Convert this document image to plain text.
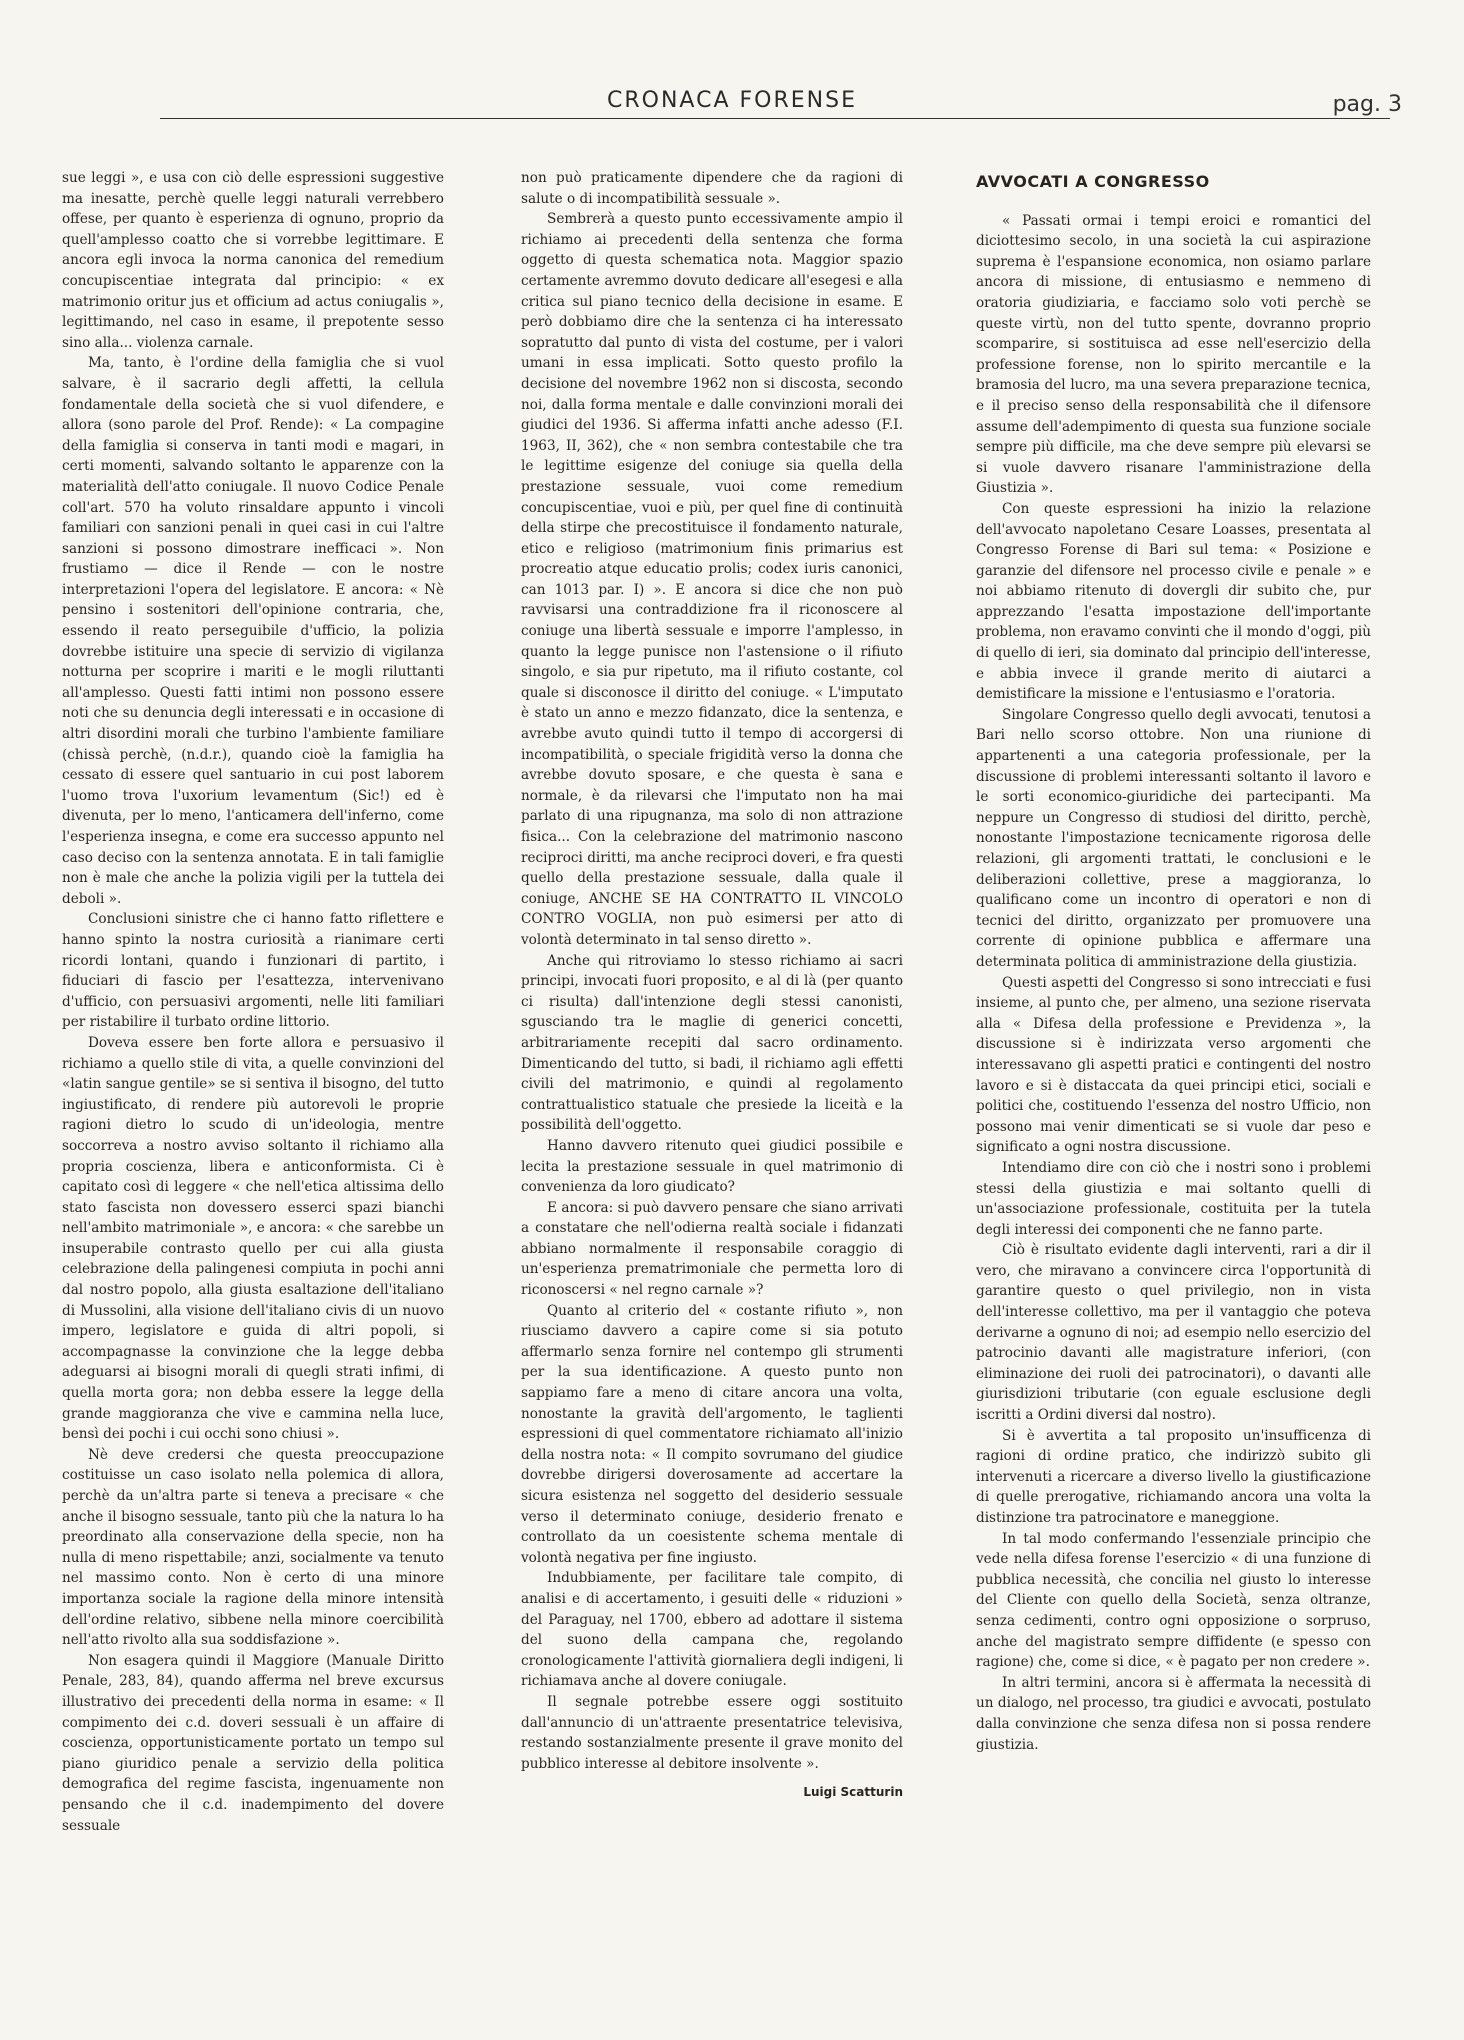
CRONACA FORENSE	pag. 3

sue leggi », e usa con ciò delle espressioni suggestive ma inesatte, perchè quelle leggi naturali verrebbero offese, per quanto è esperienza di ognuno, proprio da quell'amplesso coatto che si vorrebbe legittimare. E ancora egli invoca la norma canonica del remedium concupiscentiae integrata dal principio: « ex matrimonio oritur jus et officium ad actus coniugalis », legittimando, nel caso in esame, il prepotente sesso sino alla... violenza carnale.

Ma, tanto, è l'ordine della famiglia che si vuol salvare, è il sacrario degli affetti, la cellula fondamentale della società che si vuol difendere, e allora (sono parole del Prof. Rende): « La compagine della famiglia si conserva in tanti modi e magari, in certi momenti, salvando soltanto le apparenze con la materialità dell'atto coniugale. Il nuovo Codice Penale coll'art. 570 ha voluto rinsaldare appunto i vincoli familiari con sanzioni penali in quei casi in cui l'altre sanzioni si possono dimostrare inefficaci ». Non frustiamo — dice il Rende — con le nostre interpretazioni l'opera del legislatore. E ancora: « Nè pensino i sostenitori dell'opinione contraria, che, essendo il reato perseguibile d'ufficio, la polizia dovrebbe istituire una specie di servizio di vigilanza notturna per scoprire i mariti e le mogli riluttanti all'amplesso. Questi fatti intimi non possono essere noti che su denuncia degli interessati e in occasione di altri disordini morali che turbino l'ambiente familiare (chissà perchè, (n.d.r.), quando cioè la famiglia ha cessato di essere quel santuario in cui post laborem l'uomo trova l'uxorium levamentum (Sic!) ed è divenuta, per lo meno, l'anticamera dell'inferno, come l'esperienza insegna, e come era successo appunto nel caso deciso con la sentenza annotata. E in tali famiglie non è male che anche la polizia vigili per la tuttela dei deboli ».

Conclusioni sinistre che ci hanno fatto riflettere e hanno spinto la nostra curiosità a rianimare certi ricordi lontani, quando i funzionari di partito, i fiduciari di fascio per l'esattezza, intervenivano d'ufficio, con persuasivi argomenti, nelle liti familiari per ristabilire il turbato ordine littorio.

Doveva essere ben forte allora e persuasivo il richiamo a quello stile di vita, a quelle convinzioni del «latin sangue gentile» se si sentiva il bisogno, del tutto ingiustificato, di rendere più autorevoli le proprie ragioni dietro lo scudo di un'ideologia, mentre soccorreva a nostro avviso soltanto il richiamo alla propria coscienza, libera e anticonformista. Ci è capitato così di leggere « che nell'etica altissima dello stato fascista non dovessero esserci spazi bianchi nell'ambito matrimoniale », e ancora: « che sarebbe un insuperabile contrasto quello per cui alla giusta celebrazione della palingenesi compiuta in pochi anni dal nostro popolo, alla giusta esaltazione dell'italiano di Mussolini, alla visione dell'italiano civis di un nuovo impero, legislatore e guida di altri popoli, si accompagnasse la convinzione che la legge debba adeguarsi ai bisogni morali di quegli strati infimi, di quella morta gora; non debba essere la legge della grande maggioranza che vive e cammina nella luce, bensì dei pochi i cui occhi sono chiusi ».

Nè deve credersi che questa preoccupazione costituisse un caso isolato nella polemica di allora, perchè da un'altra parte si teneva a precisare « che anche il bisogno sessuale, tanto più che la natura lo ha preordinato alla conservazione della specie, non ha nulla di meno rispettabile; anzi, socialmente va tenuto nel massimo conto. Non è certo di una minore importanza sociale la ragione della minore intensità dell'ordine relativo, sibbene nella minore coercibilità nell'atto rivolto alla sua soddisfazione ».

Non esagera quindi il Maggiore (Manuale Diritto Penale, 283, 84), quando afferma nel breve excursus illustrativo dei precedenti della norma in esame: « Il compimento dei c.d. doveri sessuali è un affaire di coscienza, opportunisticamente portato un tempo sul piano giuridico penale a servizio della politica demografica del regime fascista, ingenuamente non pensando che il c.d. inadempimento del dovere sessuale

non può praticamente dipendere che da ragioni di salute o di incompatibilità sessuale ».

Sembrerà a questo punto eccessivamente ampio il richiamo ai precedenti della sentenza che forma oggetto di questa schematica nota. Maggior spazio certamente avremmo dovuto dedicare all'esegesi e alla critica sul piano tecnico della decisione in esame. E però dobbiamo dire che la sentenza ci ha interessato sopratutto dal punto di vista del costume, per i valori umani in essa implicati. Sotto questo profilo la decisione del novembre 1962 non si discosta, secondo noi, dalla forma mentale e dalle convinzioni morali dei giudici del 1936. Si afferma infatti anche adesso (F.I. 1963, II, 362), che « non sembra contestabile che tra le legittime esigenze del coniuge sia quella della prestazione sessuale, vuoi come remedium concupiscentiae, vuoi e più, per quel fine di continuità della stirpe che precostituisce il fondamento naturale, etico e religioso (matrimonium finis primarius est procreatio atque educatio prolis; codex iuris canonici, can 1013 par. I) ». E ancora si dice che non può ravvisarsi una contraddizione fra il riconoscere al coniuge una libertà sessuale e imporre l'amplesso, in quanto la legge punisce non l'astensione o il rifiuto singolo, e sia pur ripetuto, ma il rifiuto costante, col quale si disconosce il diritto del coniuge. « L'imputato è stato un anno e mezzo fidanzato, dice la sentenza, e avrebbe avuto quindi tutto il tempo di accorgersi di incompatibilità, o speciale frigidità verso la donna che avrebbe dovuto sposare, e che questa è sana e normale, è da rilevarsi che l'imputato non ha mai parlato di una ripugnanza, ma solo di non attrazione fisica... Con la celebrazione del matrimonio nascono reciproci diritti, ma anche reciproci doveri, e fra questi quello della prestazione sessuale, dalla quale il coniuge, ANCHE SE HA CONTRATTO IL VINCOLO CONTRO VOGLIA, non può esimersi per atto di volontà determinato in tal senso diretto ».

Anche qui ritroviamo lo stesso richiamo ai sacri principi, invocati fuori proposito, e al di là (per quanto ci risulta) dall'intenzione degli stessi canonisti, sgusciando tra le maglie di generici concetti, arbitrariamente recepiti dal sacro ordinamento. Dimenticando del tutto, si badi, il richiamo agli effetti civili del matrimonio, e quindi al regolamento contrattualistico statuale che presiede la liceità e la possibilità dell'oggetto.

Hanno davvero ritenuto quei giudici possibile e lecita la prestazione sessuale in quel matrimonio di convenienza da loro giudicato?

E ancora: si può davvero pensare che siano arrivati a constatare che nell'odierna realtà sociale i fidanzati abbiano normalmente il responsabile coraggio di un'esperienza prematrimoniale che permetta loro di riconoscersi « nel regno carnale »?

Quanto al criterio del « costante rifiuto », non riusciamo davvero a capire come si sia potuto affermarlo senza fornire nel contempo gli strumenti per la sua identificazione. A questo punto non sappiamo fare a meno di citare ancora una volta, nonostante la gravità dell'argomento, le taglienti espressioni di quel commentatore richiamato all'inizio della nostra nota: « Il compito sovrumano del giudice dovrebbe dirigersi doverosamente ad accertare la sicura esistenza nel soggetto del desiderio sessuale verso il determinato coniuge, desiderio frenato e controllato da un coesistente schema mentale di volontà negativa per fine ingiusto.

Indubbiamente, per facilitare tale compito, di analisi e di accertamento, i gesuiti delle « riduzioni » del Paraguay, nel 1700, ebbero ad adottare il sistema del suono della campana che, regolando cronologicamente l'attività giornaliera degli indigeni, li richiamava anche al dovere coniugale.

Il segnale potrebbe essere oggi sostituito dall'annuncio di un'attraente presentatrice televisiva, restando sostanzialmente presente il grave monito del pubblico interesse al debitore insolvente ».

Luigi Scatturin
AVVOCATI A CONGRESSO

« Passati ormai i tempi eroici e romantici del diciottesimo secolo, in una società la cui aspirazione suprema è l'espansione economica, non osiamo parlare ancora di missione, di entusiasmo e nemmeno di oratoria giudiziaria, e facciamo solo voti perchè se queste virtù, non del tutto spente, dovranno proprio scomparire, si sostituisca ad esse nell'esercizio della professione forense, non lo spirito mercantile e la bramosia del lucro, ma una severa preparazione tecnica, e il preciso senso della responsabilità che il difensore assume dell'adempimento di questa sua funzione sociale sempre più difficile, ma che deve sempre più elevarsi se si vuole davvero risanare l'amministrazione della Giustizia ».

Con queste espressioni ha inizio la relazione dell'avvocato napoletano Cesare Loasses, presentata al Congresso Forense di Bari sul tema: « Posizione e garanzie del difensore nel processo civile e penale » e noi abbiamo ritenuto di dovergli dir subito che, pur apprezzando l'esatta impostazione dell'importante problema, non eravamo convinti che il mondo d'oggi, più di quello di ieri, sia dominato dal principio dell'interesse, e abbia invece il grande merito di aiutarci a demistificare la missione e l'entusiasmo e l'oratoria.

Singolare Congresso quello degli avvocati, tenutosi a Bari nello scorso ottobre. Non una riunione di appartenenti a una categoria professionale, per la discussione di problemi interessanti soltanto il lavoro e le sorti economico-giuridiche dei partecipanti. Ma neppure un Congresso di studiosi del diritto, perchè, nonostante l'impostazione tecnicamente rigorosa delle relazioni, gli argomenti trattati, le conclusioni e le deliberazioni collettive, prese a maggioranza, lo qualificano come un incontro di operatori e non di tecnici del diritto, organizzato per promuovere una corrente di opinione pubblica e affermare una determinata politica di amministrazione della giustizia.

Questi aspetti del Congresso si sono intrecciati e fusi insieme, al punto che, per almeno, una sezione riservata alla « Difesa della professione e Previdenza », la discussione si è indirizzata verso argomenti che interessavano gli aspetti pratici e contingenti del nostro lavoro e si è distaccata da quei principi etici, sociali e politici che, costituendo l'essenza del nostro Ufficio, non possono mai venir dimenticati se si vuole dar peso e significato a ogni nostra discussione.

Intendiamo dire con ciò che i nostri sono i problemi stessi della giustizia e mai soltanto quelli di un'associazione professionale, costituita per la tutela degli interessi dei componenti che ne fanno parte.

Ciò è risultato evidente dagli interventi, rari a dir il vero, che miravano a convincere circa l'opportunità di garantire questo o quel privilegio, non in vista dell'interesse collettivo, ma per il vantaggio che poteva derivarne a ognuno di noi; ad esempio nello esercizio del patrocinio davanti alle magistrature inferiori, (con eliminazione dei ruoli dei patrocinatori), o davanti alle giurisdizioni tributarie (con eguale esclusione degli iscritti a Ordini diversi dal nostro).

Si è avvertita a tal proposito un'insufficenza di ragioni di ordine pratico, che indirizzò subito gli intervenuti a ricercare a diverso livello la giustificazione di quelle prerogative, richiamando ancora una volta la distinzione tra patrocinatore e maneggione.

In tal modo confermando l'essenziale principio che vede nella difesa forense l'esercizio « di una funzione di pubblica necessità, che concilia nel giusto lo interesse del Cliente con quello della Società, senza oltranze, senza cedimenti, contro ogni opposizione o sorpruso, anche del magistrato sempre diffidente (e spesso con ragione) che, come si dice, « è pagato per non credere ».

In altri termini, ancora si è affermata la necessità di un dialogo, nel processo, tra giudici e avvocati, postulato dalla convinzione che senza difesa non si possa rendere giustizia.
